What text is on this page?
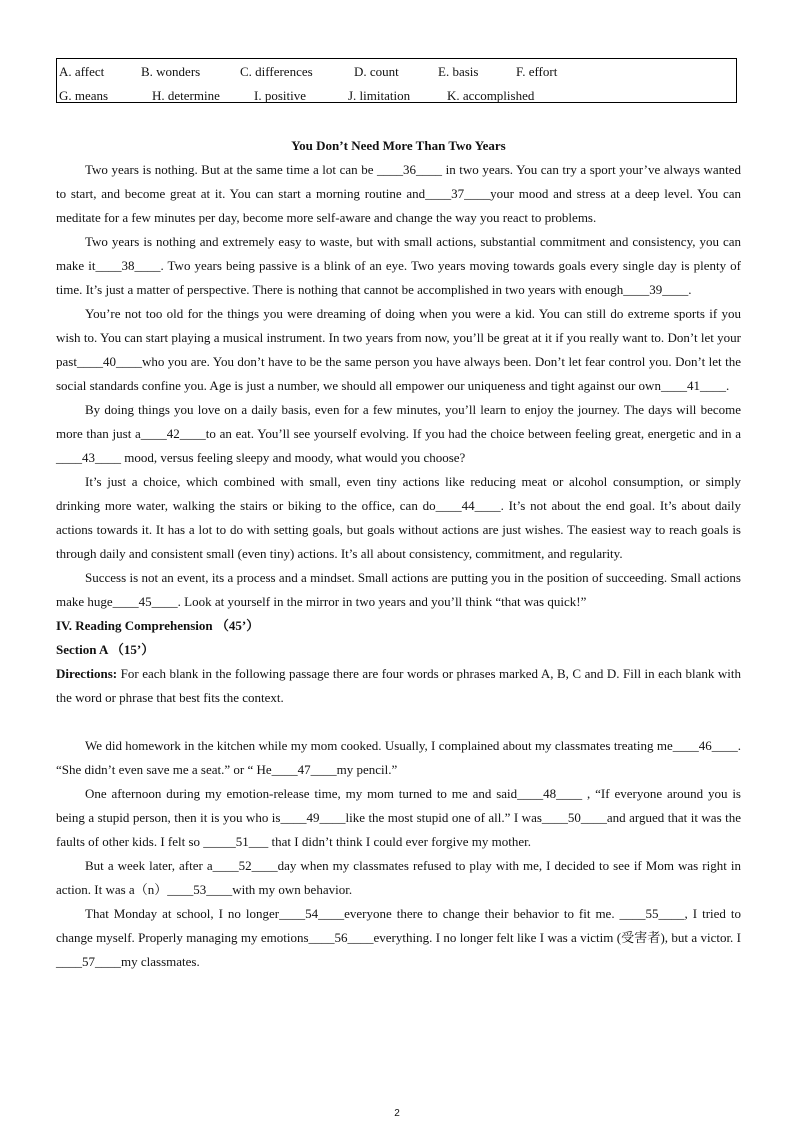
A. affect	B. wonders	C. differences	D. count	E. basis	F. effort
G. means	H. determine	I. positive	J. limitation	K. accomplished

You Don’t Need More Than Two Years

Two years is nothing. But at the same time a lot can be ____36____ in two years. You can try a sport your’ve always wanted to start, and become great at it. You can start a morning routine and____37____your mood and stress at a deep level. You can meditate for a few minutes per day, become more self-aware and change the way you react to problems.

Two years is nothing and extremely easy to waste, but with small actions, substantial commitment and consistency, you can make it____38____. Two years being passive is a blink of an eye. Two years moving towards goals every single day is plenty of time. It’s just a matter of perspective. There is nothing that cannot be accomplished in two years with enough____39____.

You’re not too old for the things you were dreaming of doing when you were a kid. You can still do extreme sports if you wish to. You can start playing a musical instrument. In two years from now, you’ll be great at it if you really want to. Don’t let your past____40____who you are. You don’t have to be the same person you have always been. Don’t let fear control you. Don’t let the social standards confine you. Age is just a number, we should all empower our uniqueness and tight against our own____41____.

By doing things you love on a daily basis, even for a few minutes, you’ll learn to enjoy the journey. The days will become more than just a____42____to an eat. You’ll see yourself evolving. If you had the choice between feeling great, energetic and in a ____43____ mood, versus feeling sleepy and moody, what would you choose?

It’s just a choice, which combined with small, even tiny actions like reducing meat or alcohol consumption, or simply drinking more water, walking the stairs or biking to the office, can do____44____. It’s not about the end goal. It’s about daily actions towards it. It has a lot to do with setting goals, but goals without actions are just wishes. The easiest way to reach goals is through daily and consistent small (even tiny) actions. It’s all about consistency, commitment, and regularity.

Success is not an event, its a process and a mindset. Small actions are putting you in the position of succeeding. Small actions make huge____45____. Look at yourself in the mirror in two years and you’ll think “that was quick!”

IV. Reading Comprehension （45’）

Section A （15’）

Directions: For each blank in the following passage there are four words or phrases marked A, B, C and D. Fill in each blank with the word or phrase that best fits the context.

We did homework in the kitchen while my mom cooked. Usually, I complained about my classmates treating me____46____. “She didn’t even save me a seat.” or “ He____47____my pencil.”

One afternoon during my emotion-release time, my mom turned to me and said____48____ , “If everyone around you is being a stupid person, then it is you who is____49____like the most stupid one of all.” I was____50____and argued that it was the faults of other kids. I felt so _____51___ that I didn’t think I could ever forgive my mother.

But a week later, after a____52____day when my classmates refused to play with me, I decided to see if Mom was right in action. It was a（n）____53____with my own behavior.

That Monday at school, I no longer____54____everyone there to change their behavior to fit me. ____55____, I tried to change myself. Properly managing my emotions____56____everything. I no longer felt like I was a victim (受害者), but a victor. I ____57____my classmates.

2
